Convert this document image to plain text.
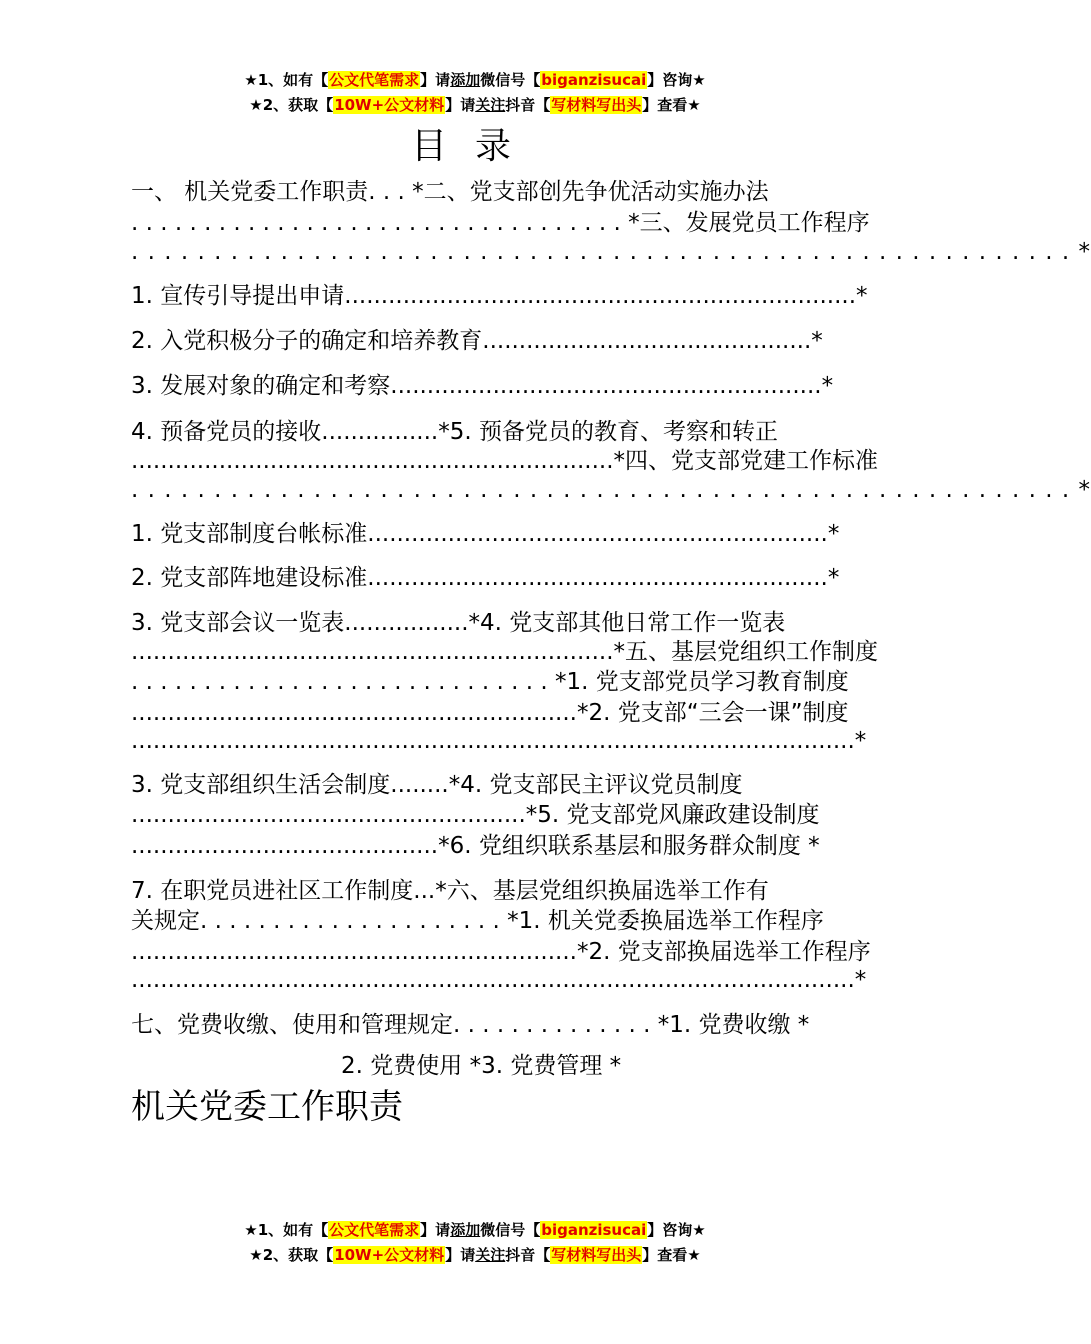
★1、如有【公文代笔需求】请添加微信号【biganzisucai】咨询★
★2、获取【10W+公文材料】请关注抖音【写材料写出头】查看★
目录
一、 机关党委工作职责. . . *二、党支部创先争优活动实施办法
. . . . . . . . . . . . . . . . . . . . . . . . . . . . . . . . . . *三、发展党员工作程序
. . . . . . . . . . . . . . . . . . . . . . . . . . . . . . . . . . . . . . . . . . . . . . . . . . . . . . . . . *
1. 宣传引导提出申请......................................................................*
2. 入党积极分子的确定和培养教育.............................................*
3. 发展对象的确定和考察...........................................................*
4. 预备党员的接收................*5. 预备党员的教育、考察和转正
..................................................................*四、党支部党建工作标准
. . . . . . . . . . . . . . . . . . . . . . . . . . . . . . . . . . . . . . . . . . . . . . . . . . . . . . . . . *
1. 党支部制度台帐标准...............................................................*
2. 党支部阵地建设标准...............................................................*
3. 党支部会议一览表.................*4. 党支部其他日常工作一览表
..................................................................*五、基层党组织工作制度
. . . . . . . . . . . . . . . . . . . . . . . . . . . . . *1. 党支部党员学习教育制度
.............................................................*2. 党支部“三会一课”制度
...................................................................................................*
3. 党支部组织生活会制度........*4. 党支部民主评议党员制度
......................................................*5. 党支部党风廉政建设制度
..........................................*6. 党组织联系基层和服务群众制度 *
7. 在职党员进社区工作制度...*六、基层党组织换届选举工作有
关规定. . . . . . . . . . . . . . . . . . . . . *1. 机关党委换届选举工作程序
.............................................................*2. 党支部换届选举工作程序
...................................................................................................*
七、党费收缴、使用和管理规定. . . . . . . . . . . . . . *1. 党费收缴 *
2. 党费使用 *3. 党费管理 *
机关党委工作职责
★1、如有【公文代笔需求】请添加微信号【biganzisucai】咨询★
★2、获取【10W+公文材料】请关注抖音【写材料写出头】查看★
